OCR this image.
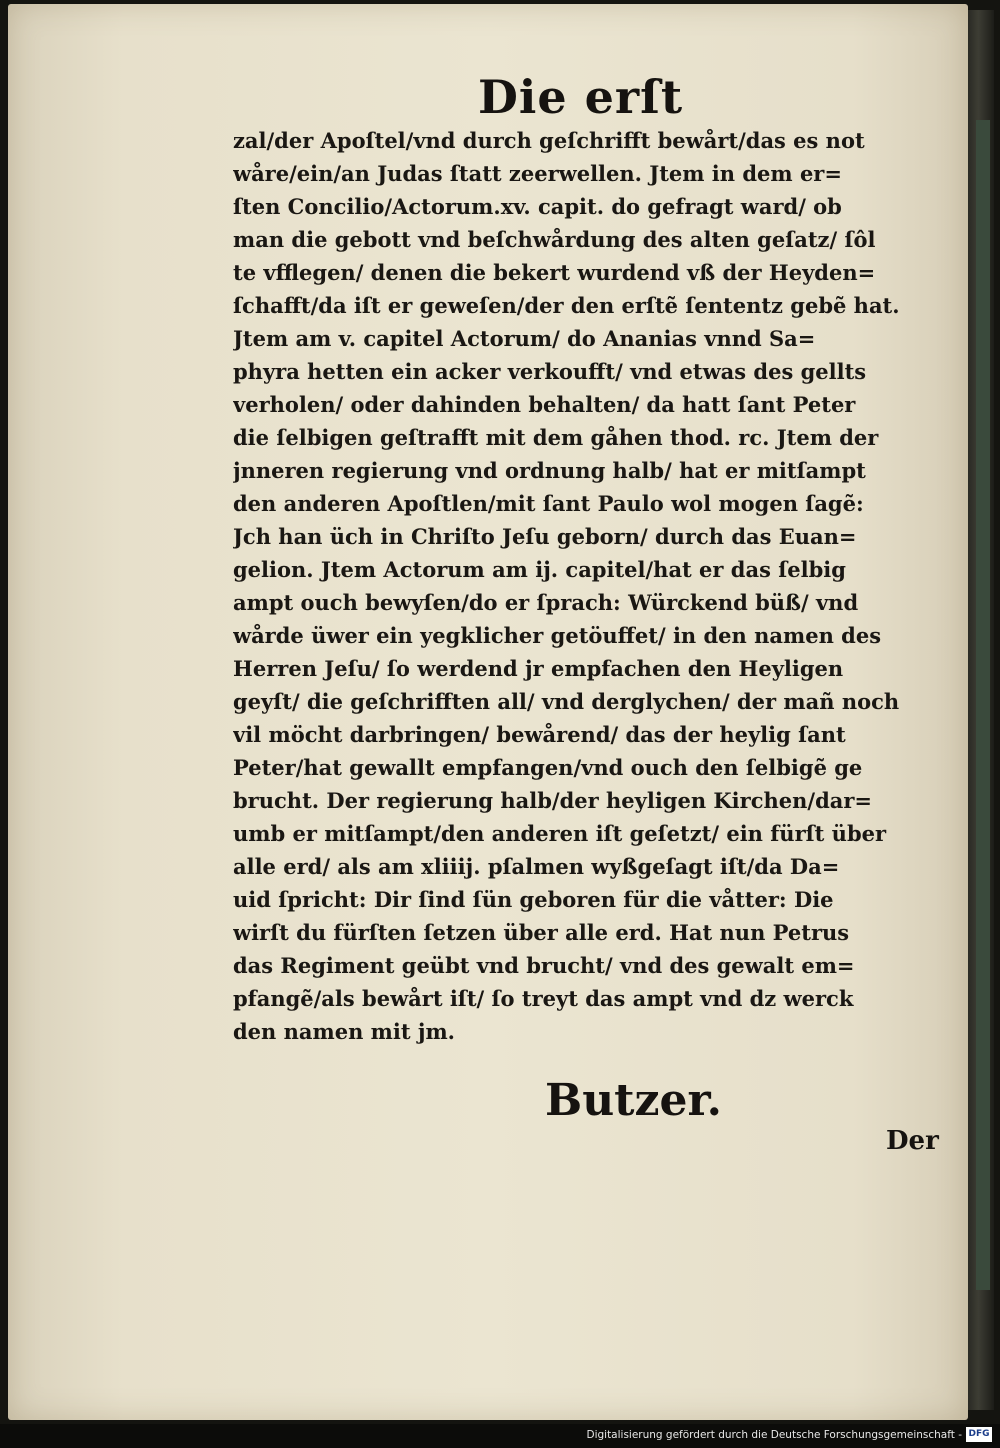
Die erſt
zal/der Apoſtel/vnd durch geſchrifft bewårt/das es not
wåre/ein/an Judas ſtatt zeerwellen. Jtem in dem er=
ſten Concilio/Actorum.xv. capit. do gefragt ward/ ob
man die gebott vnd beſchwårdung des alten geſatz/ ſôl
te vfflegen/ denen die bekert wurdend vß der Heyden=
ſchafft/da iſt er geweſen/der den erſtẽ ſententz gebẽ hat.
Jtem am v. capitel Actorum/ do Ananias vnnd Sa=
phyra hetten ein acker verkoufft/ vnd etwas des gellts
verholen/ oder dahinden behalten/ da hatt ſant Peter
die ſelbigen geſtrafft mit dem gåhen thod. rc. Jtem der
jnneren regierung vnd ordnung halb/ hat er mitſampt
den anderen Apoſtlen/mit ſant Paulo wol mogen ſagẽ:
Jch han üch in Chriſto Jeſu geborn/ durch das Euan=
gelion. Jtem Actorum am ij. capitel/hat er das ſelbig
ampt ouch bewyſen/do er ſprach: Würckend büß/ vnd
wårde üwer ein yegklicher getöuffet/ in den namen des
Herren Jeſu/ ſo werdend jr empfachen den Heyligen
geyſt/ die geſchrifften all/ vnd derglychen/ der mañ noch
vil möcht darbringen/ bewårend/ das der heylig ſant
Peter/hat gewallt empfangen/vnd ouch den ſelbigẽ ge
brucht. Der regierung halb/der heyligen Kirchen/dar=
umb er mitſampt/den anderen iſt geſetzt/ ein fürſt über
alle erd/ als am xliiij. pſalmen wyßgeſagt iſt/da Da=
uid ſpricht: Dir ſind ſün geboren für die våtter: Die
wirſt du fürſten ſetzen über alle erd. Hat nun Petrus
das Regiment geübt vnd brucht/ vnd des gewalt em=
pfangẽ/als bewårt iſt/ ſo treyt das ampt vnd dz werck
den namen mit jm.
Butzer.
Der
Digitalisierung gefördert durch die Deutsche Forschungsgemeinschaft - DFG
